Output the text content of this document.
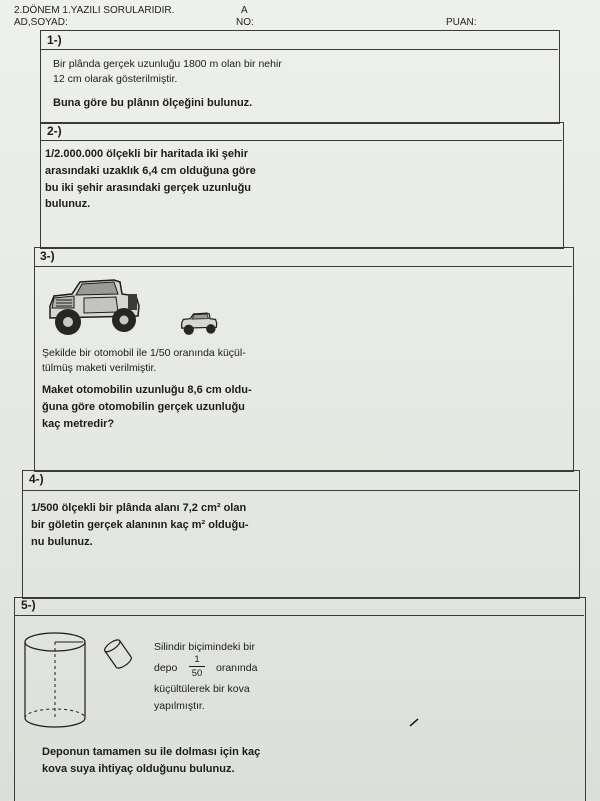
2.DÖNEM 1.YAZILI SORULARIDIR.	A
AD,SOYAD:	NO:	PUAN:
1-)
Bir plânda gerçek uzunluğu 1800 m olan bir nehir
12 cm olarak gösterilmiştir.
Buna göre bu plânın ölçeğini bulunuz.
2-)
1/2.000.000 ölçekli bir haritada iki şehir
arasındaki uzaklık 6,4 cm olduğuna göre
bu iki şehir arasındaki gerçek uzunluğu
bulunuz.
3-)
Şekilde bir otomobil ile 1/50 oranında küçül-
tülmüş maketi verilmiştir.
Maket otomobilin uzunluğu 8,6 cm oldu-
ğuna göre otomobilin gerçek uzunluğu
kaç metredir?
4-)
1/500 ölçekli bir plânda alanı 7,2 cm² olan
bir göletin gerçek alanının kaç m² olduğu-
nu bulunuz.
5-)
Silindir biçimindeki bir
depo
1
50	oranında
küçültülerek bir kova
yapılmıştır.
Deponun tamamen su ile dolması için kaç
kova suya ihtiyaç olduğunu bulunuz.
